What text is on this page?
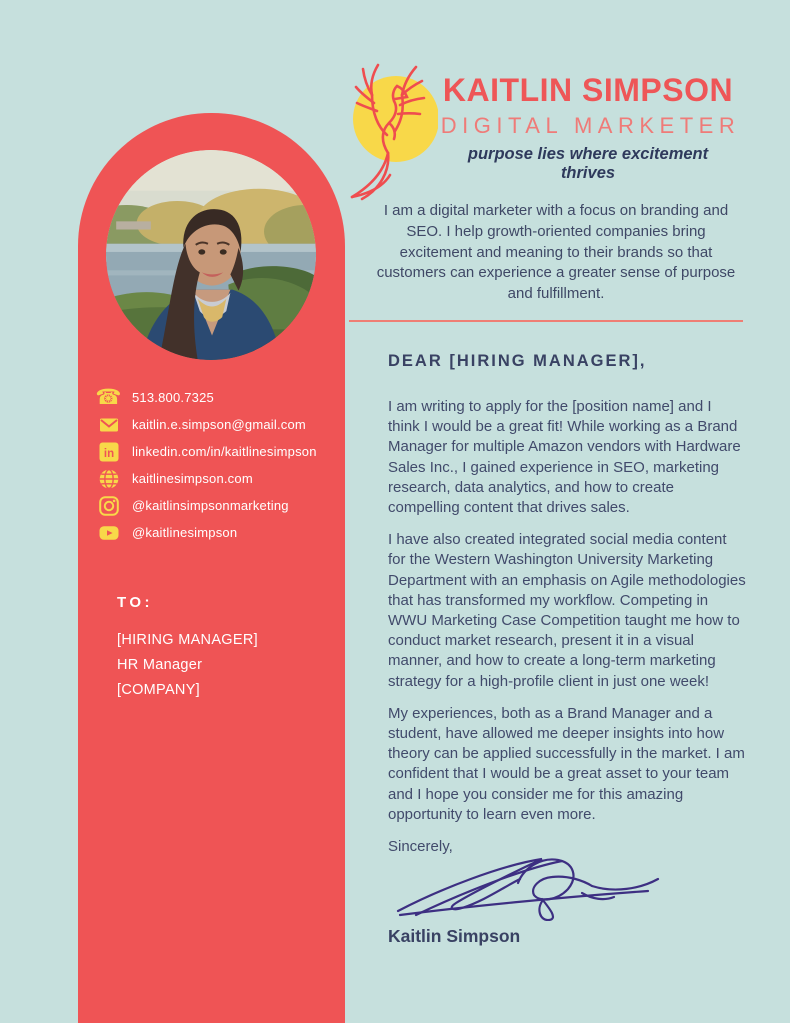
☎ 513.800.7325
kaitlin.e.simpson@gmail.com
in linkedin.com/in/kaitlinesimpson
kaitlinesimpson.com
@kaitlinsimpsonmarketing
@kaitlinesimpson
TO:
[HIRING MANAGER]
HR Manager
[COMPANY]
KAITLIN SIMPSON
DIGITAL MARKETER
purpose lies where excitement thrives
I am a digital marketer with a focus on branding and SEO. I help growth-oriented companies bring excitement and meaning to their brands so that customers can experience a greater sense of purpose and fulfillment.
DEAR [HIRING MANAGER],

I am writing to apply for the [position name] and I think I would be a great fit! While working as a Brand Manager for multiple Amazon vendors with Hardware Sales Inc., I gained experience in SEO, marketing research, data analytics, and how to create compelling content that drives sales.

I have also created integrated social media content for the Western Washington University Marketing Department with an emphasis on Agile methodologies that has transformed my workflow. Competing in WWU Marketing Case Competition taught me how to conduct market research, present it in a visual manner, and how to create a long-term marketing strategy for a high-profile client in just one week!

My experiences, both as a Brand Manager and a student, have allowed me deeper insights into how theory can be applied successfully in the market. I am confident that I would be a great asset to your team and I hope you consider me for this amazing opportunity to learn even more.

Sincerely,

Kaitlin Simpson
